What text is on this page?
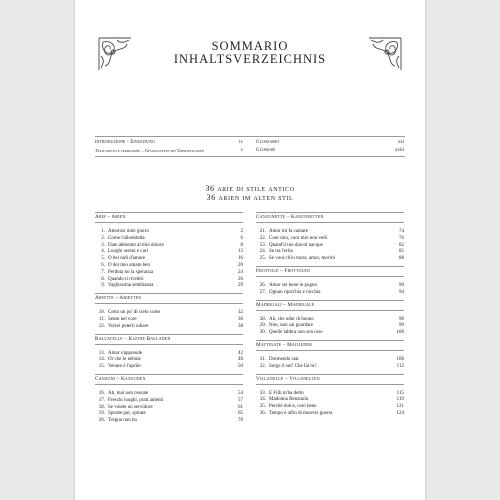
SOMMARIO
INHALTSVERZEICHNIS
Introduzione – Einleitung	iv
Testi poetici e traduzione – Gesangstexte mit Übersetzungen	v
Glossario	xxi
Glossar	xxiii
36 arie di stile antico
36 arien im alten stil
Arie – Arien
1. Amorosi miei giorni	2
2. Come l'allodoletta	6
3. Date abbiento al mio dolore	8
4. Luoghi sereni e cari	12
5. O bei nidi d'amore	16
6. O del mio amato ben	20
7. Perduta ho la speranza	24
8. Quando ti rivedrò	26
9. Vaghissima sembianza	29
Ariette – Arietten
10. Certo un po' di cielo colse	32
11. Sento nel core	36
12. Vorrei poterti odiare	38
Ballatelle – Kleine Balladen
13. Amor s'apprende	42
14. Or che le nebule	46
15. Venuto è l'aprile	50
Canzoni – Kanzonen
16. Ah, mai non cessate	54
17. Freschi luoghi, prati aulenti	57
18. Se volete un servidore	61
19. Spirate pur, spirate	65
20. Tregua non ho	70
Canzonette – Kanzonetten
21. Amor mi fa cantare	74
22. Cuor mio, cuor mio non vedi	76
23. Quand'il tuo diavol nacque	82
24. Se tra l'erba	85
25. Se vuoi ch'io mora, amor, morirò	88
Frottole – Frottolen
26. Amor sei bene in pugno	90
27. Ognun ripicchia e nicchia	94
Madrigali – Madrigale
28. Ah, che odor di buono	96
29. Non, non sai guardare	99
30. Quelle labbra non son rose	106
Mattinate – Mailieder
31. Dormendo stai	106
32. Sorge il sol! Che fai tu?	112
Villanelle – Villanellen
33. E Filli m'ha detto	115
34. Madonna Renzuola	119
35. Perché dolce, caro bene	121
36. Tempo è alfin di muover guerra	124
